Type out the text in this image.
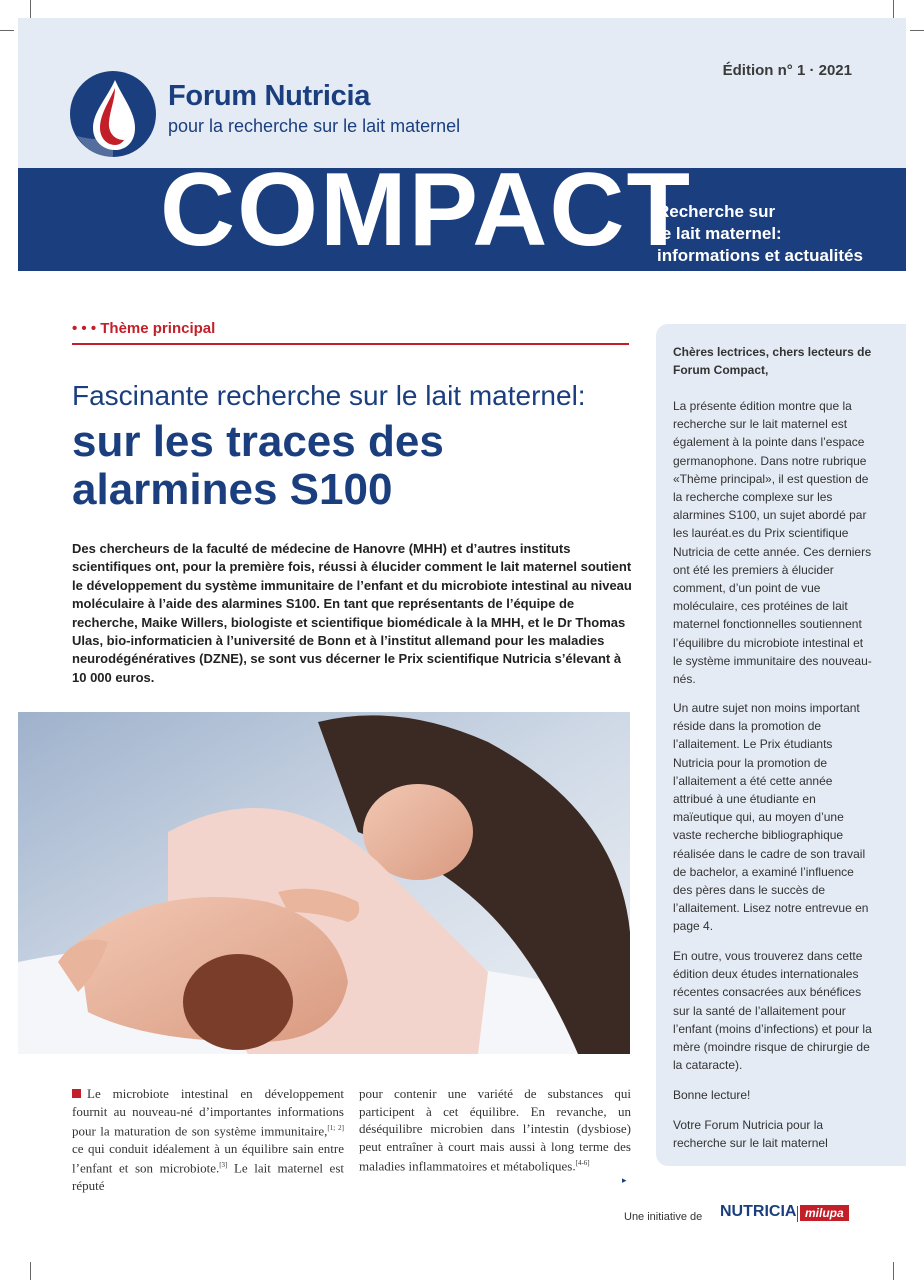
Forum Nutricia
pour la recherche sur le lait maternel
Édition n° 1 · 2021
COMPACT
Recherche sur
le lait maternel:
informations et actualités
• • • Thème principal
Fascinante recherche sur le lait maternel:
sur les traces des alarmines S100

Des chercheurs de la faculté de médecine de Hanovre (MHH) et d’autres instituts scientifiques ont, pour la première fois, réussi à élucider comment le lait maternel soutient le développement du système immunitaire de l’enfant et du microbiote intestinal au niveau moléculaire à l’aide des alarmines S100. En tant que représentants de l’équipe de recherche, Maike Willers, biologiste et scientifique biomédicale à la MHH, et le Dr Thomas Ulas, bio-informaticien à l’université de Bonn et à l’institut allemand pour les maladies neurodégénératives (DZNE), se sont vus décerner le Prix scientifique Nutricia s’élevant à 10 000 euros.

Le microbiote intestinal en développement fournit au nouveau-né d’importantes informations pour la maturation de son système immunitaire,[1; 2] ce qui conduit idéalement à un équilibre sain entre l’enfant et son microbiote.[3] Le lait maternel est réputé

pour contenir une variété de substances qui participent à cet équilibre. En revanche, un déséquilibre microbien dans l’intestin (dysbiose) peut entraîner à court mais aussi à long terme des maladies inflammatoires et métaboliques.[4-6]

▸

Chères lectrices, chers lecteurs de Forum Compact,

La présente édition montre que la recherche sur le lait maternel est également à la pointe dans l’espace germanophone. Dans notre rubrique «Thème principal», il est question de la recherche complexe sur les alarmines S100, un sujet abordé par les lauréat.es du Prix scientifique Nutricia de cette année. Ces derniers ont été les premiers à élucider comment, d’un point de vue moléculaire, ces protéines de lait maternel fonctionnelles soutiennent l’équilibre du microbiote intestinal et le système immunitaire des nouveau-nés.

Un autre sujet non moins important réside dans la promotion de l’allaitement. Le Prix étudiants Nutricia pour la promotion de l’allaitement a été cette année attribué à une étudiante en maïeutique qui, au moyen d’une vaste recherche bibliographique réalisée dans le cadre de son travail de bachelor, a examiné l’influence des pères dans le succès de l’allaitement. Lisez notre entrevue en page 4.

En outre, vous trouverez dans cette édition deux études internationales récentes consacrées aux bénéfices sur la santé de l’allaitement pour l’enfant (moins d’infections) et pour la mère (moindre risque de chirurgie de la cataracte).

Bonne lecture!

Votre Forum Nutricia pour la recherche sur le lait maternel

Une initiative de NUTRICIA milupa
